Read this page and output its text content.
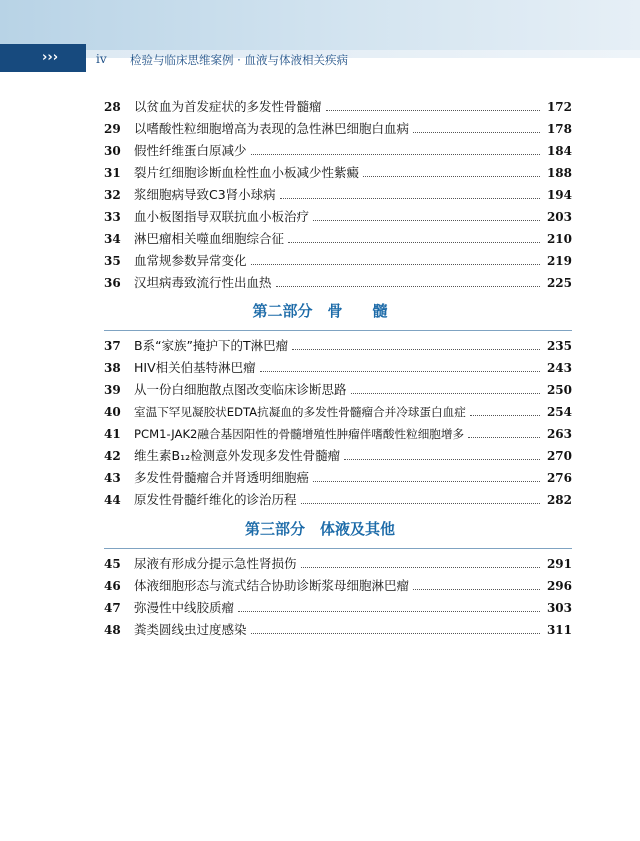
›››	iv 检验与临床思维案例 · 血液与体液相关疾病
28	以贫血为首发症状的多发性骨髓瘤	172
29	以嗜酸性粒细胞增高为表现的急性淋巴细胞白血病	178
30	假性纤维蛋白原减少	184
31	裂片红细胞诊断血栓性血小板减少性紫癜	188
32	浆细胞病导致C3肾小球病	194
33	血小板图指导双联抗血小板治疗	203
34	淋巴瘤相关噬血细胞综合征	210
35	血常规参数异常变化	219
36	汉坦病毒致流行性出血热	225
第二部分　骨　　髓
37	B系“家族”掩护下的T淋巴瘤	235
38	HIV相关伯基特淋巴瘤	243
39	从一份白细胞散点图改变临床诊断思路	250
40	室温下罕见凝胶状EDTA抗凝血的多发性骨髓瘤合并冷球蛋白血症	254
41	PCM1-JAK2融合基因阳性的骨髓增殖性肿瘤伴嗜酸性粒细胞增多	263
42	维生素B₁₂检测意外发现多发性骨髓瘤	270
43	多发性骨髓瘤合并肾透明细胞癌	276
44	原发性骨髓纤维化的诊治历程	282
第三部分　体液及其他
45	尿液有形成分提示急性肾损伤	291
46	体液细胞形态与流式结合协助诊断浆母细胞淋巴瘤	296
47	弥漫性中线胶质瘤	303
48	粪类圆线虫过度感染	311
